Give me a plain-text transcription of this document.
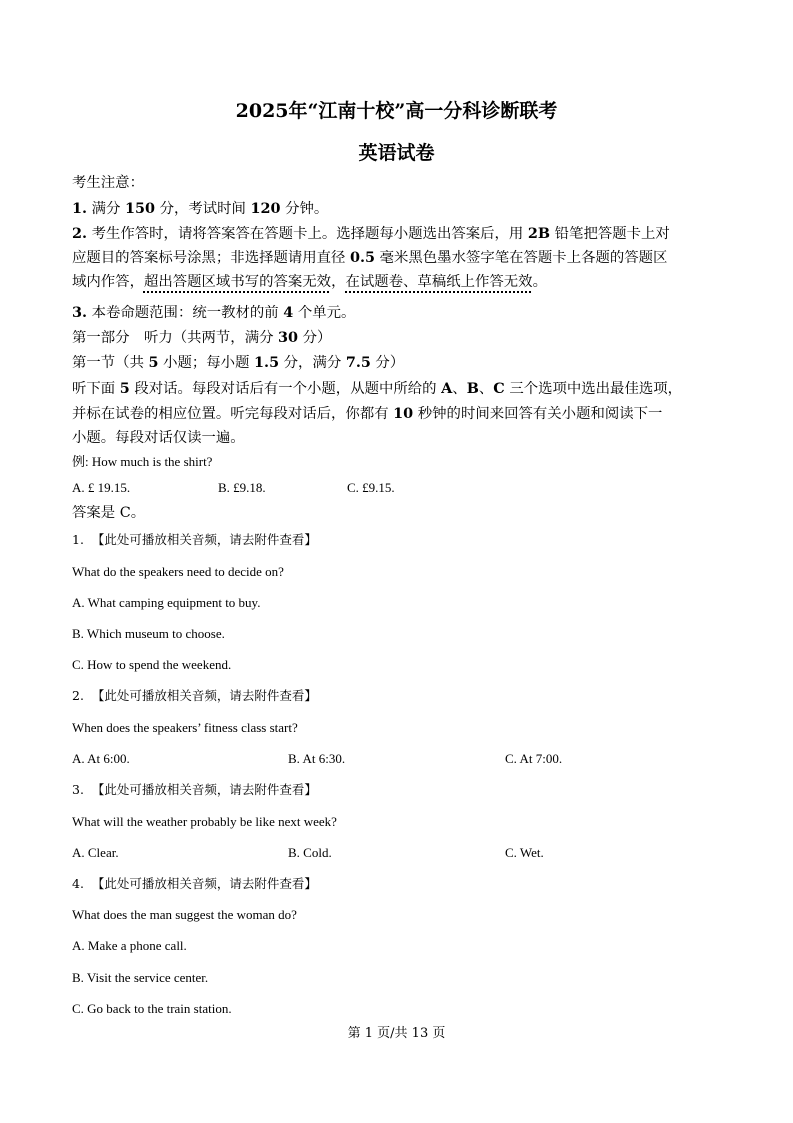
2025年“江南十校”高一分科诊断联考
英语试卷

考生注意：

1. 满分 150 分，考试时间 120 分钟。

2. 考生作答时，请将答案答在答题卡上。选择题每小题选出答案后，用 2B 铅笔把答题卡上对

应题目的答案标号涂黑；非选择题请用直径 0.5 毫米黑色墨水签字笔在答题卡上各题的答题区

域内作答，超出答题区域书写的答案无效，在试题卷、草稿纸上作答无效。

3. 本卷命题范围：统一教材的前 4 个单元。

第一部分　听力（共两节，满分 30 分）

第一节（共 5 小题；每小题 1.5 分，满分 7.5 分）

听下面 5 段对话。每段对话后有一个小题，从题中所给的 A、B、C 三个选项中选出最佳选项，

并标在试卷的相应位置。听完每段对话后，你都有 10 秒钟的时间来回答有关小题和阅读下一

小题。每段对话仅读一遍。

例: How much is the shirt?

A. £ 19.15.	B. £9.18.	C. £9.15.

答案是 C。

1. 【此处可播放相关音频，请去附件查看】

What do the speakers need to decide on?

A. What camping equipment to buy.
B. Which museum to choose.
C. How to spend the weekend.
2. 【此处可播放相关音频，请去附件查看】

When does the speakers’ fitness class start?

A. At 6:00.	B. At 6:30.	C. At 7:00.
3. 【此处可播放相关音频，请去附件查看】

What will the weather probably be like next week?

A. Clear.	B. Cold.	C. Wet.
4. 【此处可播放相关音频，请去附件查看】

What does the man suggest the woman do?

A. Make a phone call.
B. Visit the service center.
C. Go back to the train station.
第 1 页/共 13 页
